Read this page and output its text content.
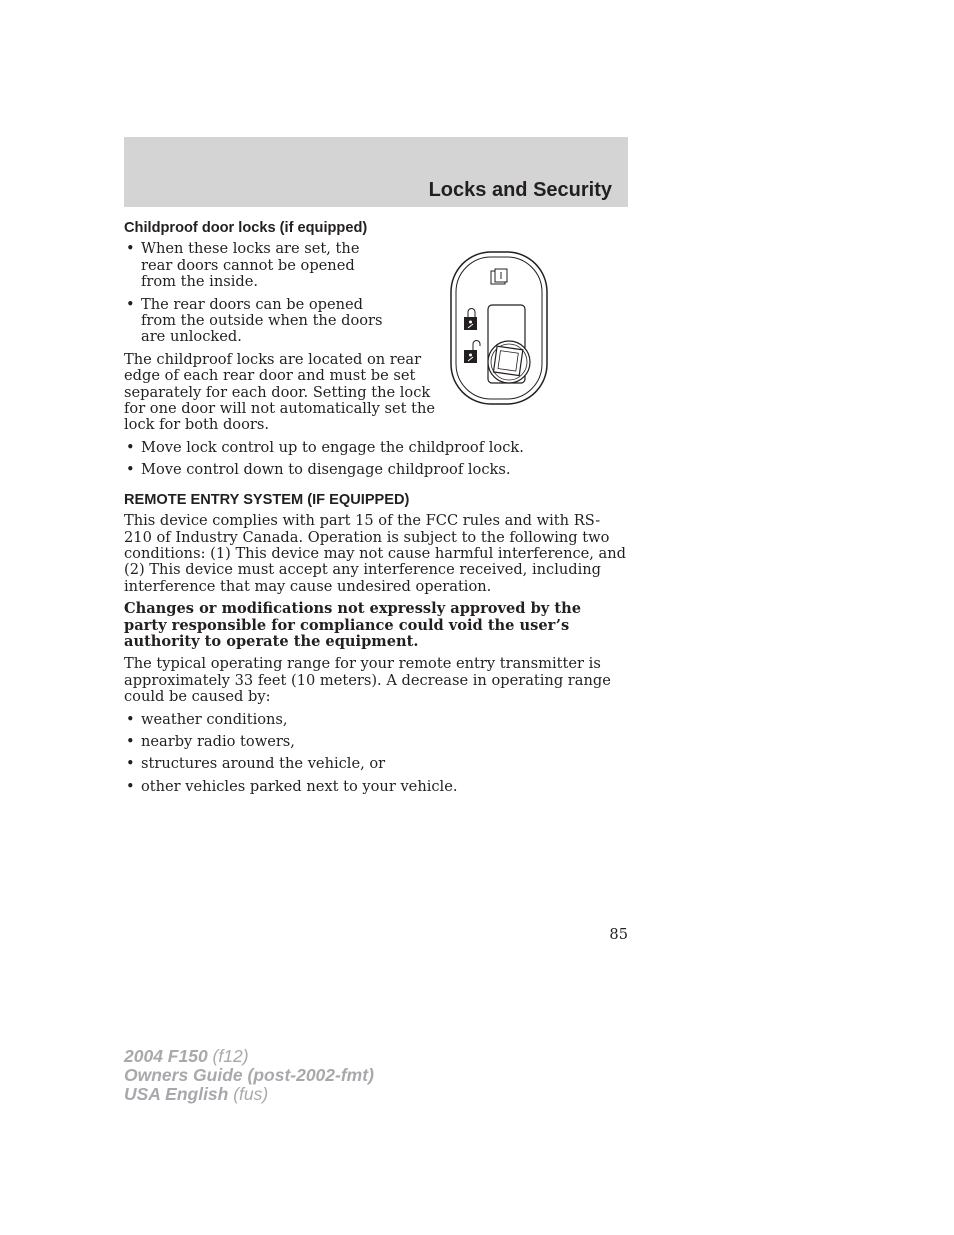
Locks and Security
Childproof door locks (if equipped)
• When these locks are set, the rear doors cannot be opened from the inside.
• The rear doors can be opened from the outside when the doors are unlocked.

The childproof locks are located on rear edge of each rear door and must be set separately for each door. Setting the lock for one door will not automatically set the lock for both doors.

• Move lock control up to engage the childproof lock.
• Move control down to disengage childproof locks.
REMOTE ENTRY SYSTEM (IF EQUIPPED)

This device complies with part 15 of the FCC rules and with RS-210 of Industry Canada. Operation is subject to the following two conditions: (1) This device may not cause harmful interference, and (2) This device must accept any interference received, including interference that may cause undesired operation.

Changes or modifications not expressly approved by the party responsible for compliance could void the user’s authority to operate the equipment.

The typical operating range for your remote entry transmitter is approximately 33 feet (10 meters). A decrease in operating range could be caused by:

• weather conditions,
• nearby radio towers,
• structures around the vehicle, or
• other vehicles parked next to your vehicle.
85
2004 F150 (f12)
Owners Guide (post-2002-fmt)
USA English (fus)
